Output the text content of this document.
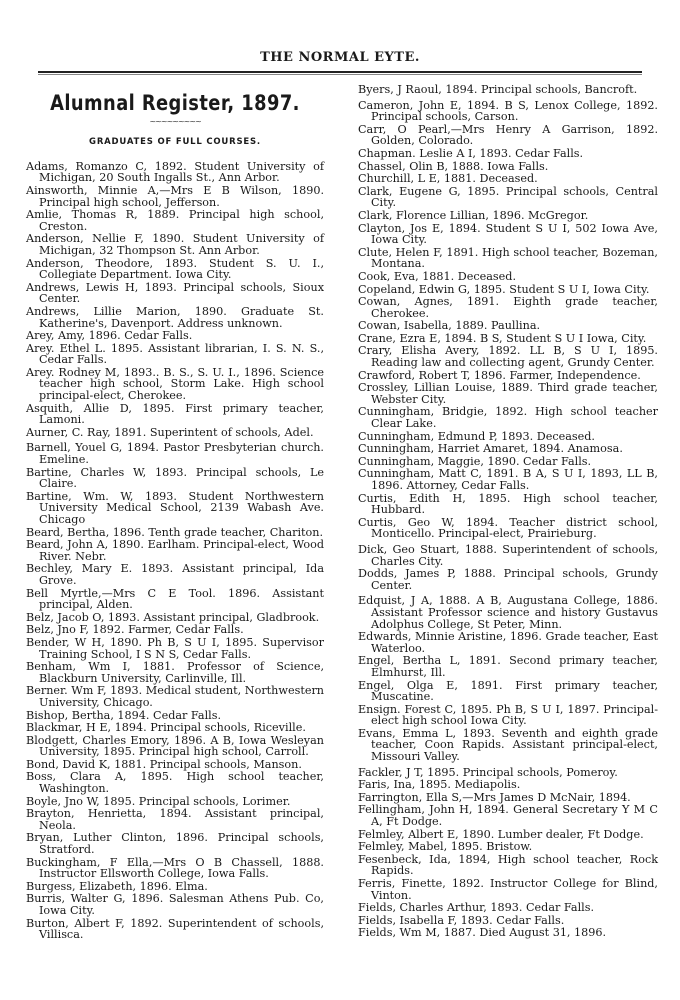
THE NORMAL EYTE.
Alumnal Register, 1897.
~~~~~~~~~
GRADUATES OF FULL COURSES.

Adams, Romanzo C, 1892. Student University of Michigan, 20 South Ingalls St., Ann Arbor.

Ainsworth, Minnie A,—Mrs E B Wilson, 1890. Principal high school, Jefferson.

Amlie, Thomas R, 1889. Principal high school, Creston.

Anderson, Nellie F, 1890. Student University of Michigan, 32 Thompson St. Ann Arbor.

Anderson, Theodore, 1893. Student S. U. I., Collegiate Department. Iowa City.

Andrews, Lewis H, 1893. Principal schools, Sioux Center.

Andrews, Lillie Marion, 1890. Graduate St. Katherine's, Davenport. Address unknown.

Arey, Amy, 1896. Cedar Falls.

Arey. Ethel L. 1895. Assistant librarian, I. S. N. S., Cedar Falls.

Arey. Rodney M, 1893.. B. S., S. U. I., 1896. Science teacher high school, Storm Lake. High school principal-elect, Cherokee.

Asquith, Allie D, 1895. First primary teacher, Lamoni.

Aurner, C. Ray, 1891. Superintent of schools, Adel.

Barnell, Youel G, 1894. Pastor Presbyterian church. Emeline.

Bartine, Charles W, 1893. Principal schools, Le Claire.

Bartine, Wm. W, 1893. Student Northwestern University Medical School, 2139 Wabash Ave. Chicago

Beard, Bertha, 1896. Tenth grade teacher, Chariton.

Beard, John A, 1890. Earlham. Principal-elect, Wood River. Nebr.

Bechley, Mary E. 1893. Assistant principal, Ida Grove.

Bell Myrtle,—Mrs C E Tool. 1896. Assistant principal, Alden.

Belz, Jacob O, 1893. Assistant principal, Gladbrook.

Belz, Jno F, 1892. Farmer, Cedar Falls.

Bender, W H, 1890. Ph B, S U I, 1895. Supervisor Training School, I S N S, Cedar Falls.

Benham, Wm I, 1881. Professor of Science, Blackburn University, Carlinville, Ill.

Berner. Wm F, 1893. Medical student, Northwestern University, Chicago.

Bishop, Bertha, 1894. Cedar Falls.

Blackmar, H E, 1894. Principal schools, Riceville.

Blodgett, Charles Emory, 1896. A B, Iowa Wesleyan University, 1895. Principal high school, Carroll.

Bond, David K, 1881. Principal schools, Manson.

Boss, Clara A, 1895. High school teacher, Washington.

Boyle, Jno W, 1895. Principal schools, Lorimer.

Brayton, Henrietta, 1894. Assistant principal, Neola.

Bryan, Luther Clinton, 1896. Principal schools, Stratford.

Buckingham, F Ella,—Mrs O B Chassell, 1888. Instructor Ellsworth College, Iowa Falls.

Burgess, Elizabeth, 1896. Elma.

Burris, Walter G, 1896. Salesman Athens Pub. Co, Iowa City.

Burton, Albert F, 1892. Superintendent of schools, Villisca.

Byers, J Raoul, 1894. Principal schools, Bancroft.

Cameron, John E, 1894. B S, Lenox College, 1892. Principal schools, Carson.

Carr, O Pearl,—Mrs Henry A Garrison, 1892. Golden, Colorado.

Chapman. Leslie A I, 1893. Cedar Falls.

Chassel, Olin B, 1888. Iowa Falls.

Churchill, L E, 1881. Deceased.

Clark, Eugene G, 1895. Principal schools, Central City.

Clark, Florence Lillian, 1896. McGregor.

Clayton, Jos E, 1894. Student S U I, 502 Iowa Ave, Iowa City.

Clute, Helen F, 1891. High school teacher, Bozeman, Montana.

Cook, Eva, 1881. Deceased.

Copeland, Edwin G, 1895. Student S U I, Iowa City.

Cowan, Agnes, 1891. Eighth grade teacher, Cherokee.

Cowan, Isabella, 1889. Paullina.

Crane, Ezra E, 1894. B S, Student S U I Iowa, City.

Crary, Elisha Avery, 1892. LL B, S U I, 1895. Reading law and collecting agent, Grundy Center.

Crawford, Robert T, 1896. Farmer, Independence.

Crossley, Lillian Louise, 1889. Third grade teacher, Webster City.

Cunningham, Bridgie, 1892. High school teacher Clear Lake.

Cunningham, Edmund P, 1893. Deceased.

Cunningham, Harriet Amaret, 1894. Anamosa.

Cunningham, Maggie, 1890. Cedar Falls.

Cunningham, Matt C, 1891. B A, S U I, 1893, LL B, 1896. Attorney, Cedar Falls.

Curtis, Edith H, 1895. High school teacher, Hubbard.

Curtis, Geo W, 1894. Teacher district school, Monticello. Principal-elect, Prairieburg.

Dick, Geo Stuart, 1888. Superintendent of schools, Charles City.

Dodds, James P, 1888. Principal schools, Grundy Center.

Edquist, J A, 1888. A B, Augustana College, 1886. Assistant Professor science and history Gustavus Adolphus College, St Peter, Minn.

Edwards, Minnie Aristine, 1896. Grade teacher, East Waterloo.

Engel, Bertha L, 1891. Second primary teacher, Elmhurst, Ill.

Engel, Olga E, 1891. First primary teacher, Muscatine.

Ensign. Forest C, 1895. Ph B, S U I, 1897. Principal-elect high school Iowa City.

Evans, Emma L, 1893. Seventh and eighth grade teacher, Coon Rapids. Assistant principal-elect, Missouri Valley.

Fackler, J T, 1895. Principal schools, Pomeroy.

Faris, Ina, 1895. Mediapolis.

Farrington, Ella S,—Mrs James D McNair, 1894.

Fellingham, John H, 1894. General Secretary Y M C A, Ft Dodge.

Felmley, Albert E, 1890. Lumber dealer, Ft Dodge.

Felmley, Mabel, 1895. Bristow.

Fesenbeck, Ida, 1894, High school teacher, Rock Rapids.

Ferris, Finette, 1892. Instructor College for Blind, Vinton.

Fields, Charles Arthur, 1893. Cedar Falls.

Fields, Isabella F, 1893. Cedar Falls.

Fields, Wm M, 1887. Died August 31, 1896.
